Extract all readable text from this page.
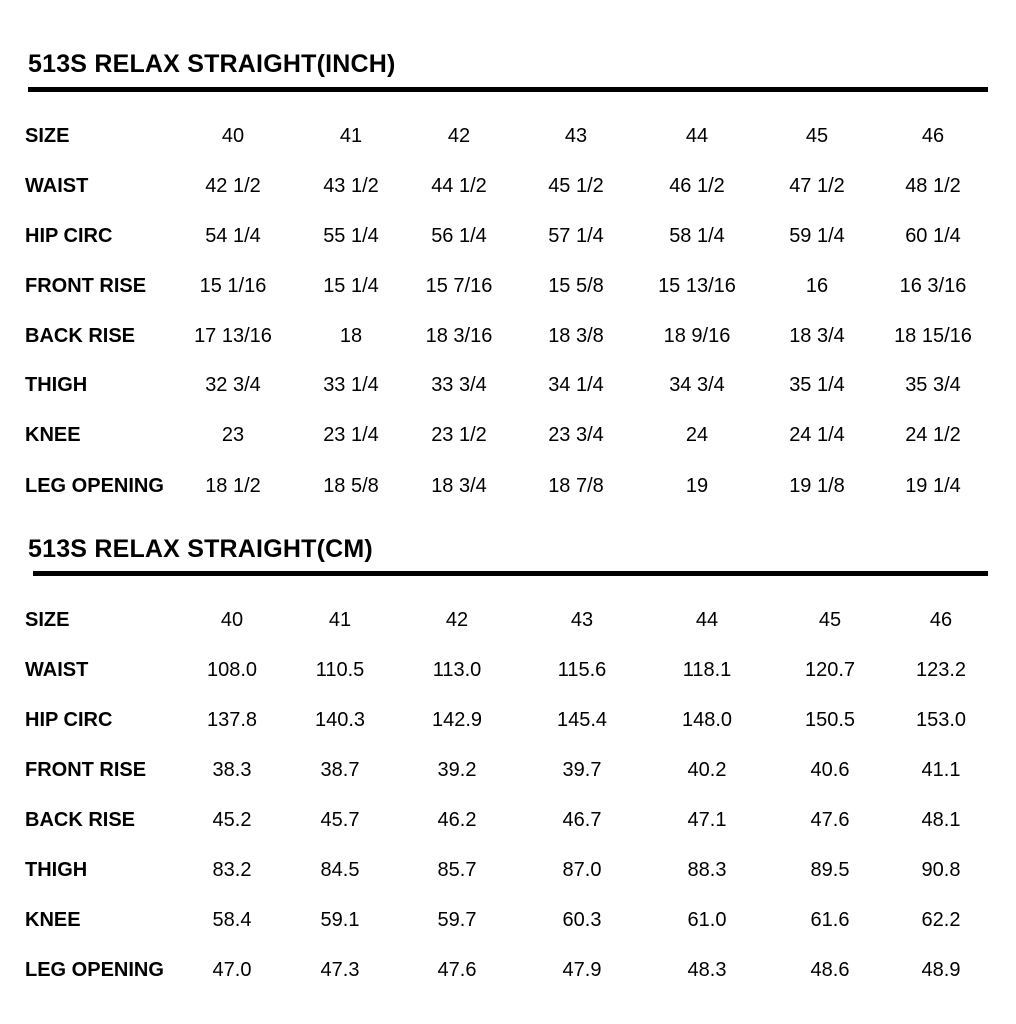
513S RELAX STRAIGHT(INCH)
SIZE	40	41	42	43	44	45	46
WAIST	42 1/2	43 1/2	44 1/2	45 1/2	46 1/2	47 1/2	48 1/2
HIP CIRC	54 1/4	55 1/4	56 1/4	57 1/4	58 1/4	59 1/4	60 1/4
FRONT RISE	15 1/16	15 1/4	15 7/16	15 5/8	15 13/16	16	16 3/16
BACK RISE	17 13/16	18	18 3/16	18 3/8	18 9/16	18 3/4	18 15/16
THIGH	32 3/4	33 1/4	33 3/4	34 1/4	34 3/4	35 1/4	35 3/4
KNEE	23	23 1/4	23 1/2	23 3/4	24	24 1/4	24 1/2
LEG OPENING	18 1/2	18 5/8	18 3/4	18 7/8	19	19 1/8	19 1/4
513S RELAX STRAIGHT(CM)
SIZE	40	41	42	43	44	45	46
WAIST	108.0	110.5	113.0	115.6	118.1	120.7	123.2
HIP CIRC	137.8	140.3	142.9	145.4	148.0	150.5	153.0
FRONT RISE	38.3	38.7	39.2	39.7	40.2	40.6	41.1
BACK RISE	45.2	45.7	46.2	46.7	47.1	47.6	48.1
THIGH	83.2	84.5	85.7	87.0	88.3	89.5	90.8
KNEE	58.4	59.1	59.7	60.3	61.0	61.6	62.2
LEG OPENING	47.0	47.3	47.6	47.9	48.3	48.6	48.9
